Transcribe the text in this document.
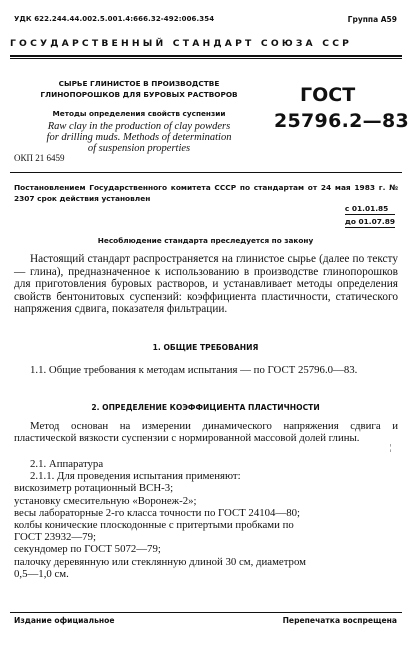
УДК 622.244.44.002.5.001.4:666.32-492:006.354	Группа А59
ГОСУДАРСТВЕННЫЙ СТАНДАРТ СОЮЗА ССР
СЫРЬЕ ГЛИНИСТОЕ В ПРОИЗВОДСТВЕ
ГЛИНОПОРОШКОВ ДЛЯ БУРОВЫХ РАСТВОРОВ
Методы определения свойств суспензии
Raw clay in the production of clay powders
for drilling muds. Methods of determination
of suspension properties
ГОСТ
25796.2—83
ОКП 21 6459
Постановлением Государственного комитета СССР по стандартам от 24 мая 1983 г. № 2307 срок действия установлен
с 01.01.85
до 01.07.89
Несоблюдение стандарта преследуется по закону

Настоящий стандарт распространяется на глинистое сырье (далее по тексту — глина), предназначенное к использованию в производстве глинопорошков для приготовления буровых растворов, и устанавливает методы определения свойств бентонитовых суспензий: коэффициента пластичности, статического напряжения сдвига, показателя фильтрации.

1. ОБЩИЕ ТРЕБОВАНИЯ

1.1. Общие требования к методам испытания — по ГОСТ 25796.0—83.

2. ОПРЕДЕЛЕНИЕ КОЭФФИЦИЕНТА ПЛАСТИЧНОСТИ

Метод основан на измерении динамического напряжения сдвига и пластической вязкости суспензии с нормированной массовой долей глины.

¦

2.1. Аппаратура

2.1.1. Для проведения испытания применяют:

вискозиметр ротационный ВСН-3;

установку смесительную «Воронеж-2»;

весы лабораторные 2-го класса точности по ГОСТ 24104—80;

колбы конические плоскодонные с притертыми пробками по

ГОСТ 23932—79;

секундомер по ГОСТ 5072—79;

палочку деревянную или стеклянную длиной 30 см, диаметром

0,5—1,0 см.

Издание официальное	Перепечатка воспрещена
